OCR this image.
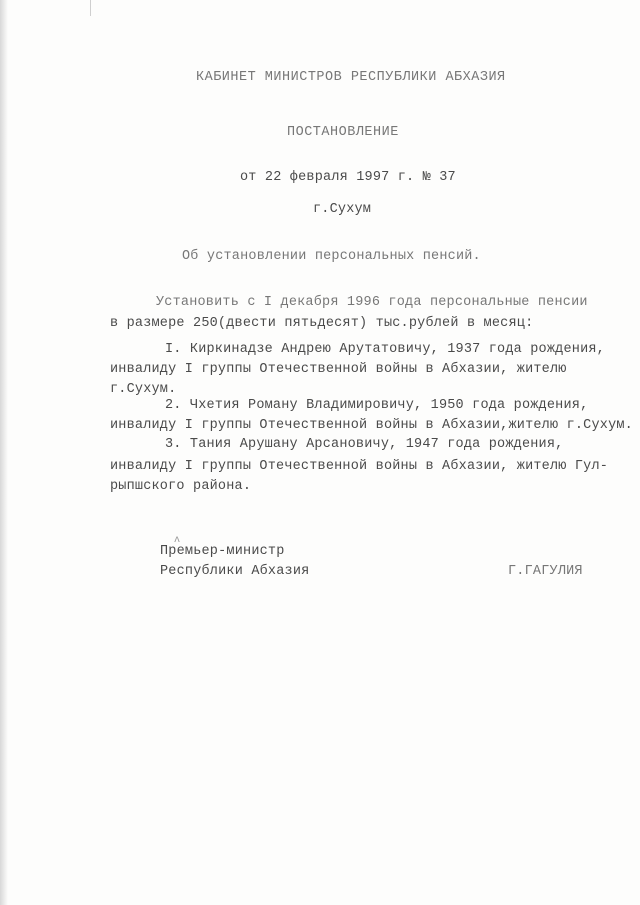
КАБИНЕТ МИНИСТРОВ РЕСПУБЛИКИ АБХАЗИЯ
ПОСТАНОВЛЕНИЕ
от 22 февраля 1997 г. № 37
г.Сухум
Об установлении персональных пенсий.
Установить с I декабря 1996 года персональные пенсии
в размере 250(двести пятьдесят) тыс.рублей в месяц:
I. Киркинадзе Андрею Арутатовичу, 1937 года рождения,
инвалиду I группы Отечественной войны в Абхазии, жителю
г.Сухум.
2. Чхетия Роману Владимировичу, 1950 года рождения,
инвалиду I группы Отечественной войны в Абхазии,жителю г.Сухум.
3. Тания Арушану Арсановичу, 1947 года рождения,
инвалиду I группы Отечественной войны в Абхазии, жителю Гул-
рыпшского района.
ʌ
Премьер-министр
Республики Абхазия	Г.ГАГУЛИЯ
